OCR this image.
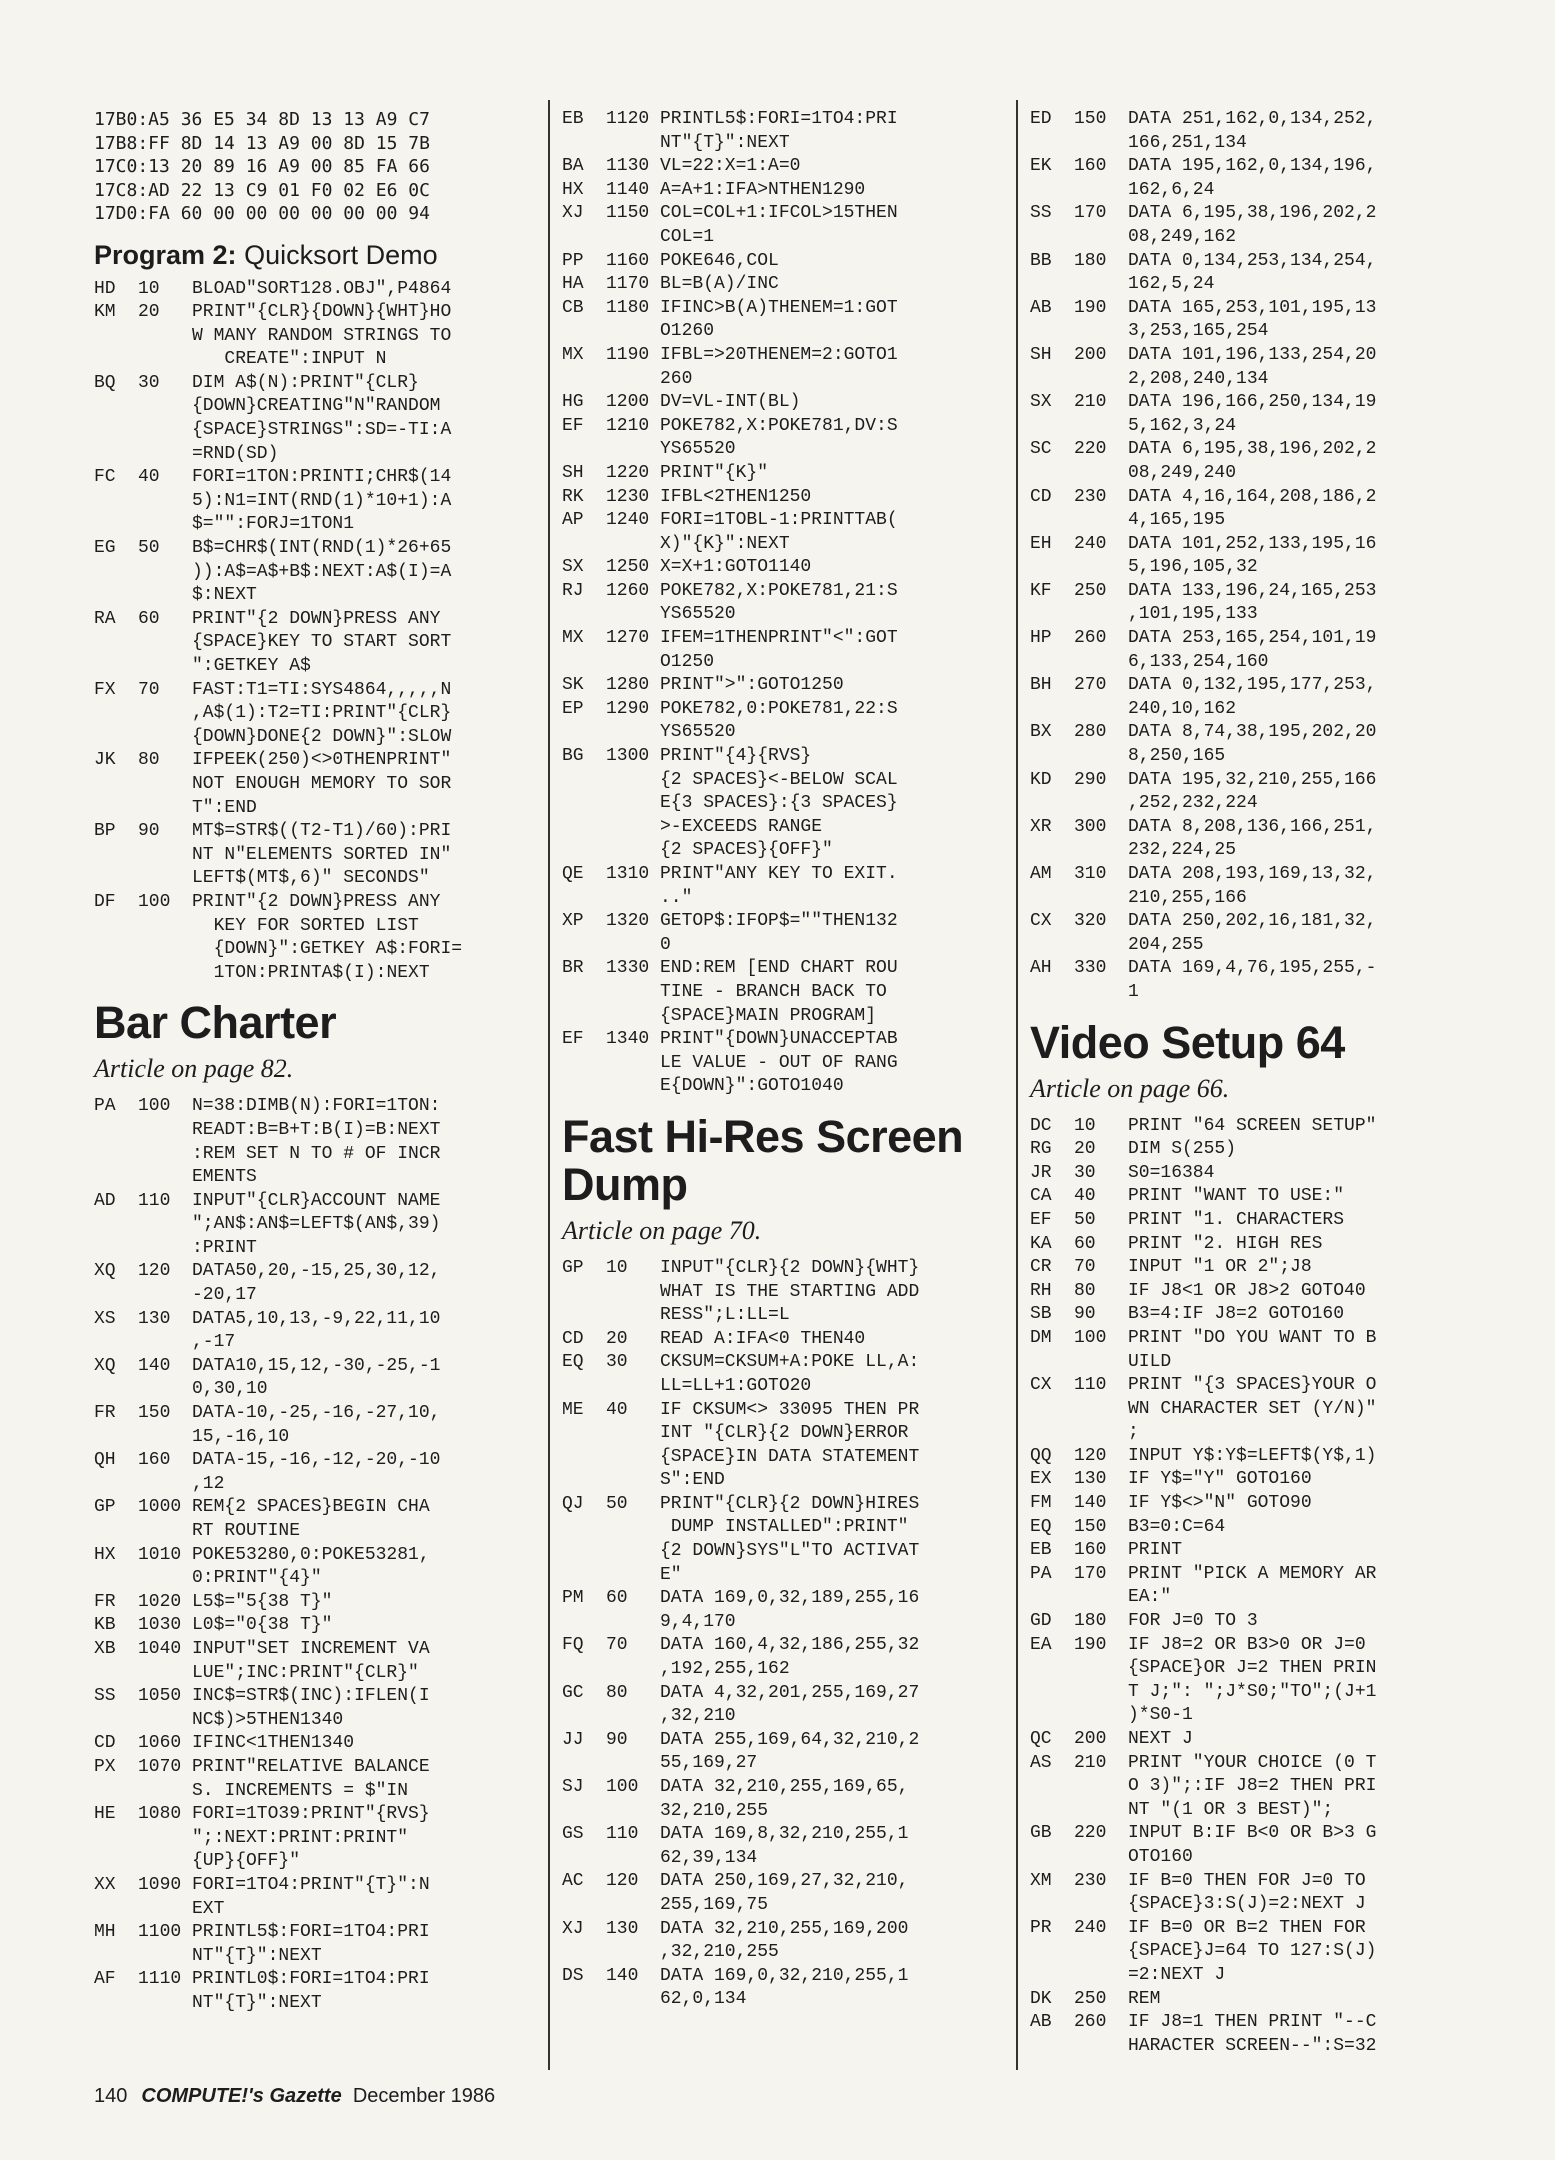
17B0:A5 36 E5 34 8D 13 13 A9 C7
17B8:FF 8D 14 13 A9 00 8D 15 7B
17C0:13 20 89 16 A9 00 85 FA 66
17C8:AD 22 13 C9 01 F0 02 E6 0C
17D0:FA 60 00 00 00 00 00 00 94
Program 2: Quicksort Demo
HD	10	BLOAD"SORT128.OBJ",P4864
KM	20	PRINT"{CLR}{DOWN}{WHT}HO
W MANY RANDOM STRINGS TO
CREATE":INPUT N
BQ	30	DIM A$(N):PRINT"{CLR}
{DOWN}CREATING"N"RANDOM
{SPACE}STRINGS":SD=-TI:A
=RND(SD)
FC	40	FORI=1TON:PRINTI;CHR$(14
5):N1=INT(RND(1)*10+1):A
$="":FORJ=1TON1
EG	50	B$=CHR$(INT(RND(1)*26+65
)):A$=A$+B$:NEXT:A$(I)=A
$:NEXT
RA	60	PRINT"{2 DOWN}PRESS ANY
{SPACE}KEY TO START SORT
":GETKEY A$
FX	70	FAST:T1=TI:SYS4864,,,,,N
,A$(1):T2=TI:PRINT"{CLR}
{DOWN}DONE{2 DOWN}":SLOW
JK	80	IFPEEK(250)<>0THENPRINT"
NOT ENOUGH MEMORY TO SOR
T":END
BP	90	MT$=STR$((T2-T1)/60):PRI
NT N"ELEMENTS SORTED IN"
LEFT$(MT$,6)" SECONDS"
DF	100	PRINT"{2 DOWN}PRESS ANY
KEY FOR SORTED LIST
{DOWN}":GETKEY A$:FORI=
1TON:PRINTA$(I):NEXT
Bar Charter
Article on page 82.
PA	100	N=38:DIMB(N):FORI=1TON:
READT:B=B+T:B(I)=B:NEXT
:REM SET N TO # OF INCR
EMENTS
AD	110	INPUT"{CLR}ACCOUNT NAME
";AN$:AN$=LEFT$(AN$,39)
:PRINT
XQ	120	DATA50,20,-15,25,30,12,
-20,17
XS	130	DATA5,10,13,-9,22,11,10
,-17
XQ	140	DATA10,15,12,-30,-25,-1
0,30,10
FR	150	DATA-10,-25,-16,-27,10,
15,-16,10
QH	160	DATA-15,-16,-12,-20,-10
,12
GP	1000 REM{2 SPACES}BEGIN CHA
RT ROUTINE
HX	1010 POKE53280,0:POKE53281,
0:PRINT"{4}"
FR	1020 L5$="5{38 T}"
KB	1030 L0$="0{38 T}"
XB	1040 INPUT"SET INCREMENT VA
LUE";INC:PRINT"{CLR}"
SS	1050 INC$=STR$(INC):IFLEN(I
NC$)>5THEN1340
CD	1060 IFINC<1THEN1340
PX	1070 PRINT"RELATIVE BALANCE
S. INCREMENTS = $"IN
HE	1080 FORI=1TO39:PRINT"{RVS}
";:NEXT:PRINT:PRINT"
{UP}{OFF}"
XX	1090 FORI=1TO4:PRINT"{T}":N
EXT
MH	1100 PRINTL5$:FORI=1TO4:PRI
NT"{T}":NEXT
AF	1110 PRINTL0$:FORI=1TO4:PRI
NT"{T}":NEXT
EB	1120 PRINTL5$:FORI=1TO4:PRI
NT"{T}":NEXT
BA	1130 VL=22:X=1:A=0
HX	1140 A=A+1:IFA>NTHEN1290
XJ	1150 COL=COL+1:IFCOL>15THEN
COL=1
PP	1160 POKE646,COL
HA	1170 BL=B(A)/INC
CB	1180 IFINC>B(A)THENEM=1:GOT
O1260
MX	1190 IFBL=>20THENEM=2:GOTO1
260
HG	1200 DV=VL-INT(BL)
EF	1210 POKE782,X:POKE781,DV:S
YS65520
SH	1220 PRINT"{K}"
RK	1230 IFBL<2THEN1250
AP	1240 FORI=1TOBL-1:PRINTTAB(
X)"{K}":NEXT
SX	1250 X=X+1:GOTO1140
RJ	1260 POKE782,X:POKE781,21:S
YS65520
MX	1270 IFEM=1THENPRINT"<":GOT
O1250
SK	1280 PRINT">":GOTO1250
EP	1290 POKE782,0:POKE781,22:S
YS65520
BG	1300 PRINT"{4}{RVS}
{2 SPACES}<-BELOW SCAL
E{3 SPACES}:{3 SPACES}
>-EXCEEDS RANGE
{2 SPACES}{OFF}"
QE	1310 PRINT"ANY KEY TO EXIT.
.."
XP	1320 GETOP$:IFOP$=""THEN132
0
BR	1330 END:REM [END CHART ROU
TINE - BRANCH BACK TO
{SPACE}MAIN PROGRAM]
EF	1340 PRINT"{DOWN}UNACCEPTAB
LE VALUE - OUT OF RANG
E{DOWN}":GOTO1040
Fast Hi-Res Screen
Dump
Article on page 70.
GP	10	INPUT"{CLR}{2 DOWN}{WHT}
WHAT IS THE STARTING ADD
RESS";L:LL=L
CD	20	READ A:IFA<0 THEN40
EQ	30	CKSUM=CKSUM+A:POKE LL,A:
LL=LL+1:GOTO20
ME	40	IF CKSUM<> 33095 THEN PR
INT "{CLR}{2 DOWN}ERROR
{SPACE}IN DATA STATEMENT
S":END
QJ	50	PRINT"{CLR}{2 DOWN}HIRES
DUMP INSTALLED":PRINT"
{2 DOWN}SYS"L"TO ACTIVAT
E"
PM	60	DATA 169,0,32,189,255,16
9,4,170
FQ	70	DATA 160,4,32,186,255,32
,192,255,162
GC	80	DATA 4,32,201,255,169,27
,32,210
JJ	90	DATA 255,169,64,32,210,2
55,169,27
SJ	100	DATA 32,210,255,169,65,
32,210,255
GS	110	DATA 169,8,32,210,255,1
62,39,134
AC	120	DATA 250,169,27,32,210,
255,169,75
XJ	130	DATA 32,210,255,169,200
,32,210,255
DS	140	DATA 169,0,32,210,255,1
62,0,134
ED	150	DATA 251,162,0,134,252,
166,251,134
EK	160	DATA 195,162,0,134,196,
162,6,24
SS	170	DATA 6,195,38,196,202,2
08,249,162
BB	180	DATA 0,134,253,134,254,
162,5,24
AB	190	DATA 165,253,101,195,13
3,253,165,254
SH	200	DATA 101,196,133,254,20
2,208,240,134
SX	210	DATA 196,166,250,134,19
5,162,3,24
SC	220	DATA 6,195,38,196,202,2
08,249,240
CD	230	DATA 4,16,164,208,186,2
4,165,195
EH	240	DATA 101,252,133,195,16
5,196,105,32
KF	250	DATA 133,196,24,165,253
,101,195,133
HP	260	DATA 253,165,254,101,19
6,133,254,160
BH	270	DATA 0,132,195,177,253,
240,10,162
BX	280	DATA 8,74,38,195,202,20
8,250,165
KD	290	DATA 195,32,210,255,166
,252,232,224
XR	300	DATA 8,208,136,166,251,
232,224,25
AM	310	DATA 208,193,169,13,32,
210,255,166
CX	320	DATA 250,202,16,181,32,
204,255
AH	330	DATA 169,4,76,195,255,-
1
Video Setup 64
Article on page 66.
DC	10	PRINT "64 SCREEN SETUP"
RG	20	DIM S(255)
JR	30	S0=16384
CA	40	PRINT "WANT TO USE:"
EF	50	PRINT "1. CHARACTERS
KA	60	PRINT "2. HIGH RES
CR	70	INPUT "1 OR 2";J8
RH	80	IF J8<1 OR J8>2 GOTO40
SB	90	B3=4:IF J8=2 GOTO160
DM	100	PRINT "DO YOU WANT TO B
UILD
CX	110	PRINT "{3 SPACES}YOUR O
WN CHARACTER SET (Y/N)"
;
QQ	120	INPUT Y$:Y$=LEFT$(Y$,1)
EX	130	IF Y$="Y" GOTO160
FM	140	IF Y$<>"N" GOTO90
EQ	150	B3=0:C=64
EB	160	PRINT
PA	170	PRINT "PICK A MEMORY AR
EA:"
GD	180	FOR J=0 TO 3
EA	190	IF J8=2 OR B3>0 OR J=0
{SPACE}OR J=2 THEN PRIN
T J;": ";J*S0;"TO";(J+1
)*S0-1
QC	200	NEXT J
AS	210	PRINT "YOUR CHOICE (0 T
O 3)";:IF J8=2 THEN PRI
NT "(1 OR 3 BEST)";
GB	220	INPUT B:IF B<0 OR B>3 G
OTO160
XM	230	IF B=0 THEN FOR J=0 TO
{SPACE}3:S(J)=2:NEXT J
PR	240	IF B=0 OR B=2 THEN FOR
{SPACE}J=64 TO 127:S(J)
=2:NEXT J
DK	250	REM
AB	260	IF J8=1 THEN PRINT "--C
HARACTER SCREEN--":S=32
140 COMPUTE!'s Gazette December 1986
